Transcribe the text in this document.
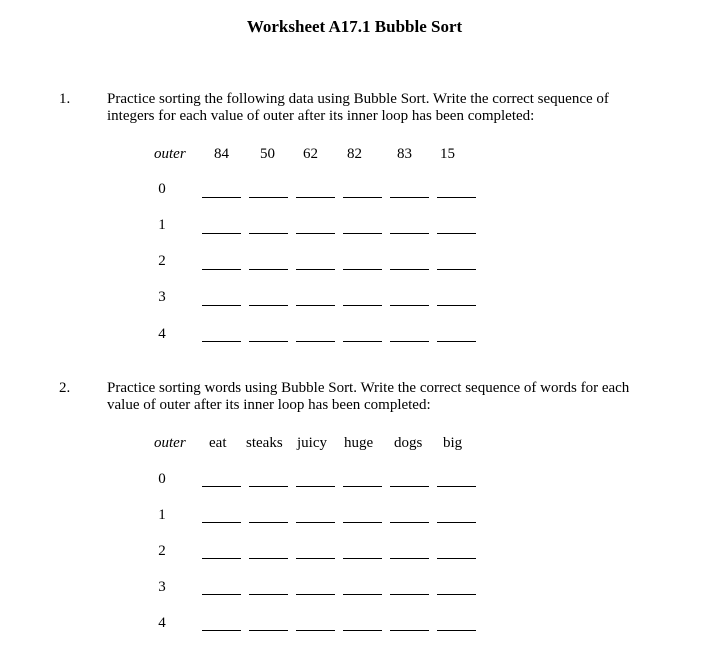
Worksheet A17.1 Bubble Sort
1. Practice sorting the following data using Bubble Sort. Write the correct sequence of
integers for each value of outer after its inner loop has been completed:
outer 84 50 62 82 83 15
0
1
2
3
4
2. Practice sorting words using Bubble Sort. Write the correct sequence of words for each
value of outer after its inner loop has been completed:
outer eat steaks juicy huge dogs big
0
1
2
3
4
